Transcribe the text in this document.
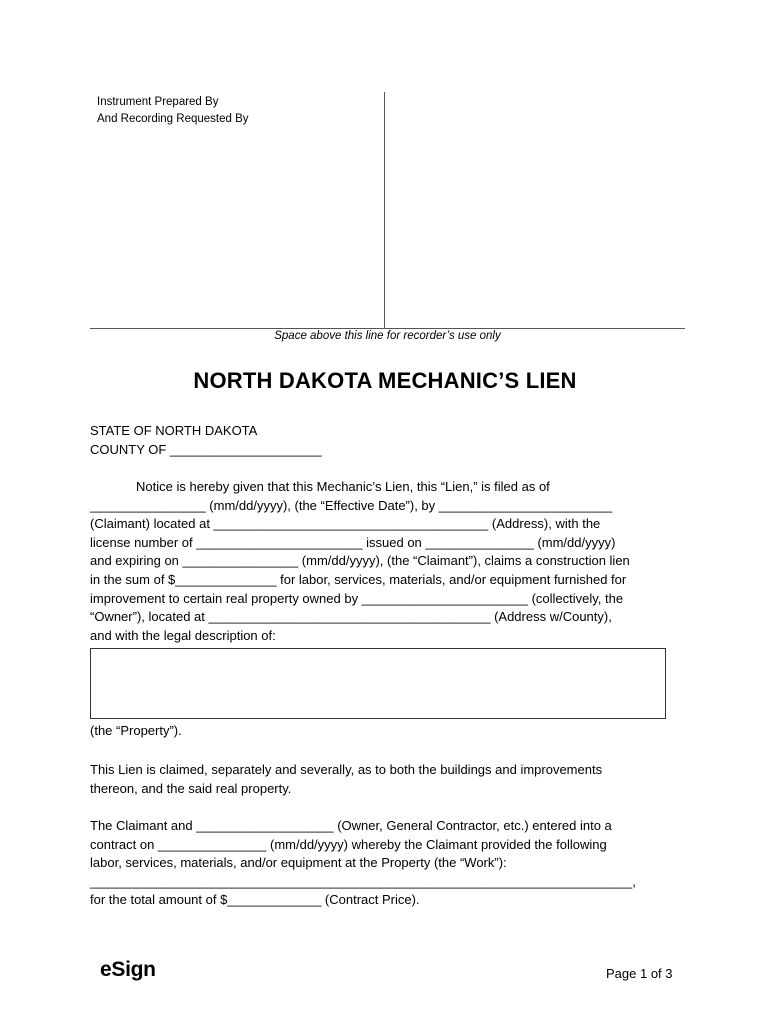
Instrument Prepared By
And Recording Requested By
Space above this line for recorder’s use only
NORTH DAKOTA MECHANIC’S LIEN
STATE OF NORTH DAKOTA
COUNTY OF _____________________
Notice is hereby given that this Mechanic’s Lien, this “Lien,” is filed as of
________________ (mm/dd/yyyy), (the “Effective Date”), by ________________________
(Claimant) located at ______________________________________ (Address), with the
license number of _______________________ issued on _______________ (mm/dd/yyyy)
and expiring on ________________ (mm/dd/yyyy), (the “Claimant”), claims a construction lien
in the sum of $______________ for labor, services, materials, and/or equipment furnished for
improvement to certain real property owned by _______________________ (collectively, the
“Owner”), located at _______________________________________ (Address w/County),
and with the legal description of:
(the “Property”).
This Lien is claimed, separately and severally, as to both the buildings and improvements
thereon, and the said real property.
The Claimant and ___________________ (Owner, General Contractor, etc.) entered into a
contract on _______________ (mm/dd/yyyy) whereby the Claimant provided the following
labor, services, materials, and/or equipment at the Property (the “Work”):
___________________________________________________________________________,
for the total amount of $_____________ (Contract Price).
eSign	Page 1 of 3
